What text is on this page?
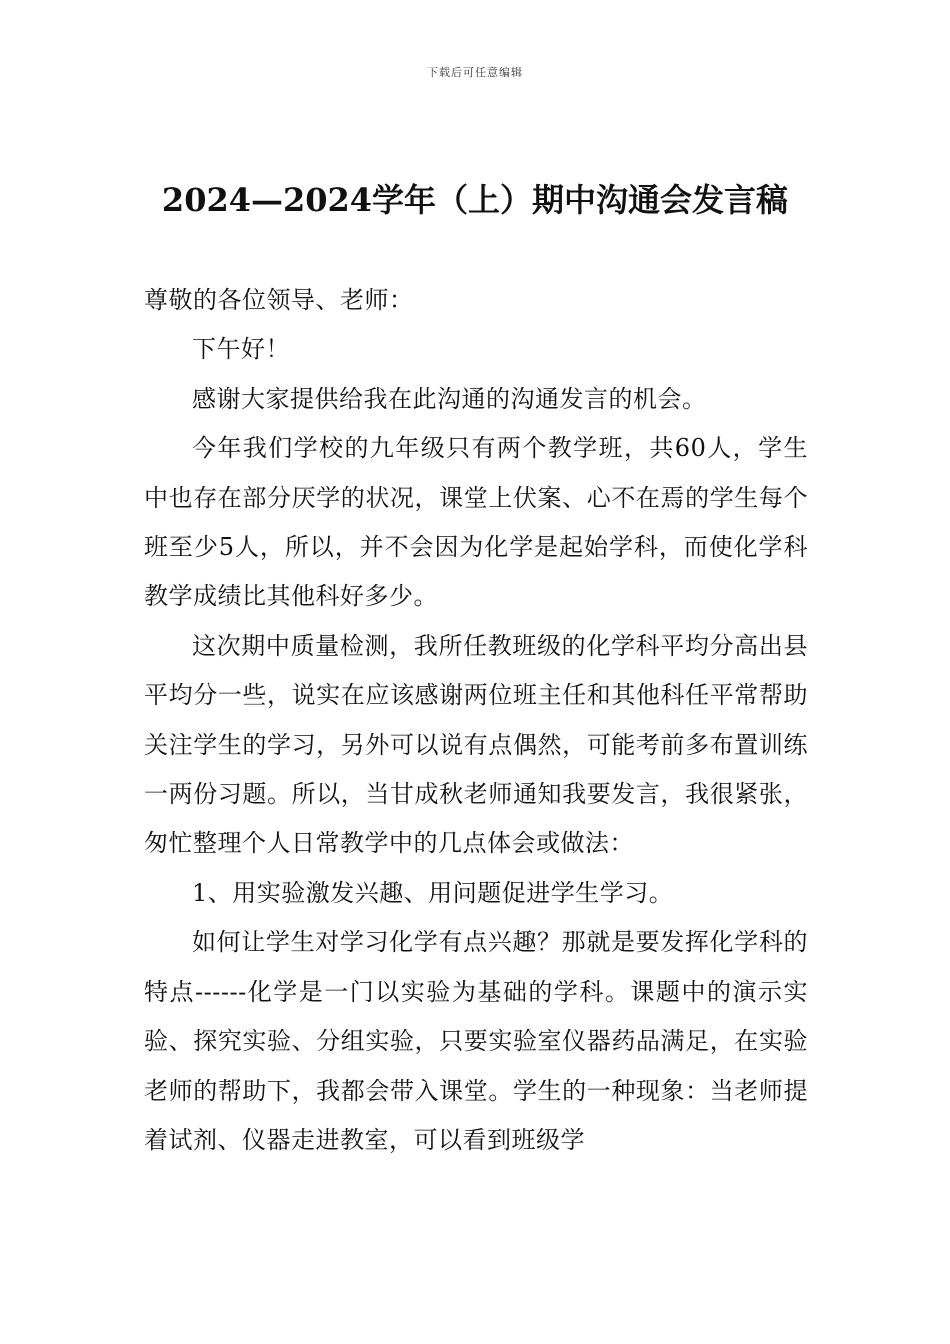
下载后可任意编辑
2024—2024学年（上）期中沟通会发言稿

尊敬的各位领导、老师：

下午好！

感谢大家提供给我在此沟通的沟通发言的机会。

今年我们学校的九年级只有两个教学班，共60人，学生中也存在部分厌学的状况，课堂上伏案、心不在焉的学生每个班至少5人，所以，并不会因为化学是起始学科，而使化学科教学成绩比其他科好多少。

这次期中质量检测，我所任教班级的化学科平均分高出县平均分一些，说实在应该感谢两位班主任和其他科任平常帮助关注学生的学习，另外可以说有点偶然，可能考前多布置训练一两份习题。所以，当甘成秋老师通知我要发言，我很紧张，匆忙整理个人日常教学中的几点体会或做法：

1、用实验激发兴趣、用问题促进学生学习。

如何让学生对学习化学有点兴趣？那就是要发挥化学科的特点------化学是一门以实验为基础的学科。课题中的演示实验、探究实验、分组实验，只要实验室仪器药品满足，在实验老师的帮助下，我都会带入课堂。学生的一种现象：当老师提着试剂、仪器走进教室，可以看到班级学
